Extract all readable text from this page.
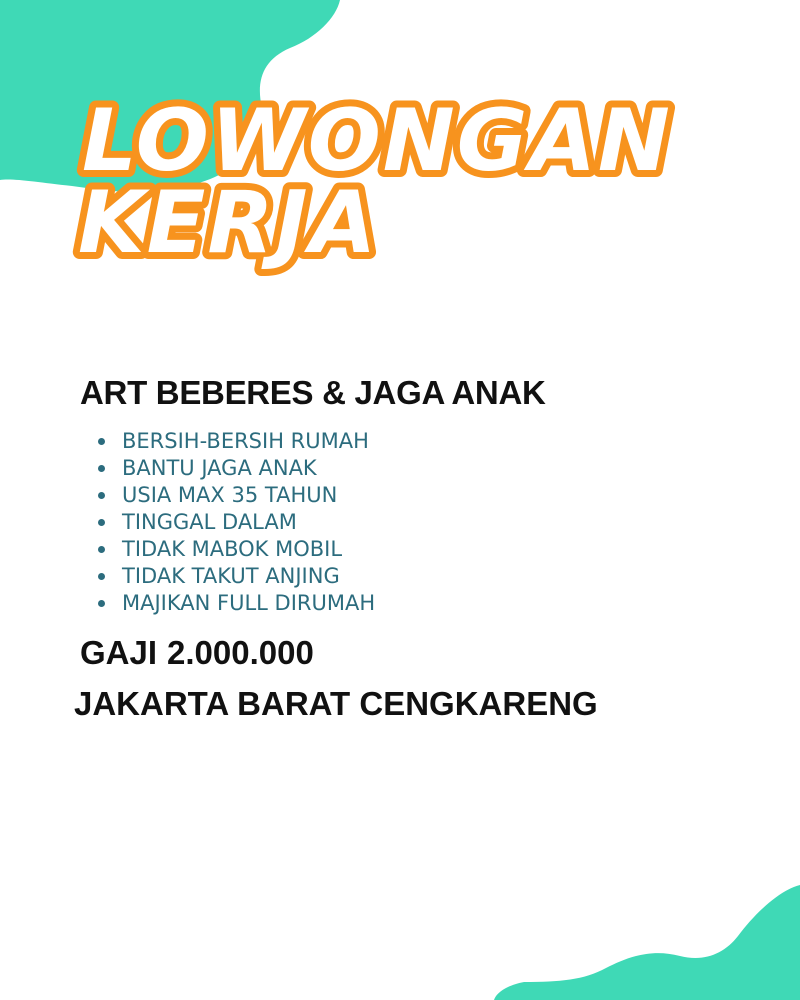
LOWONGAN
KERJA
ART BEBERES & JAGA ANAK
BERSIH-BERSIH RUMAH
BANTU JAGA ANAK
USIA MAX 35 TAHUN
TINGGAL DALAM
TIDAK MABOK MOBIL
TIDAK TAKUT ANJING
MAJIKAN FULL DIRUMAH

GAJI 2.000.000

JAKARTA BARAT CENGKARENG
